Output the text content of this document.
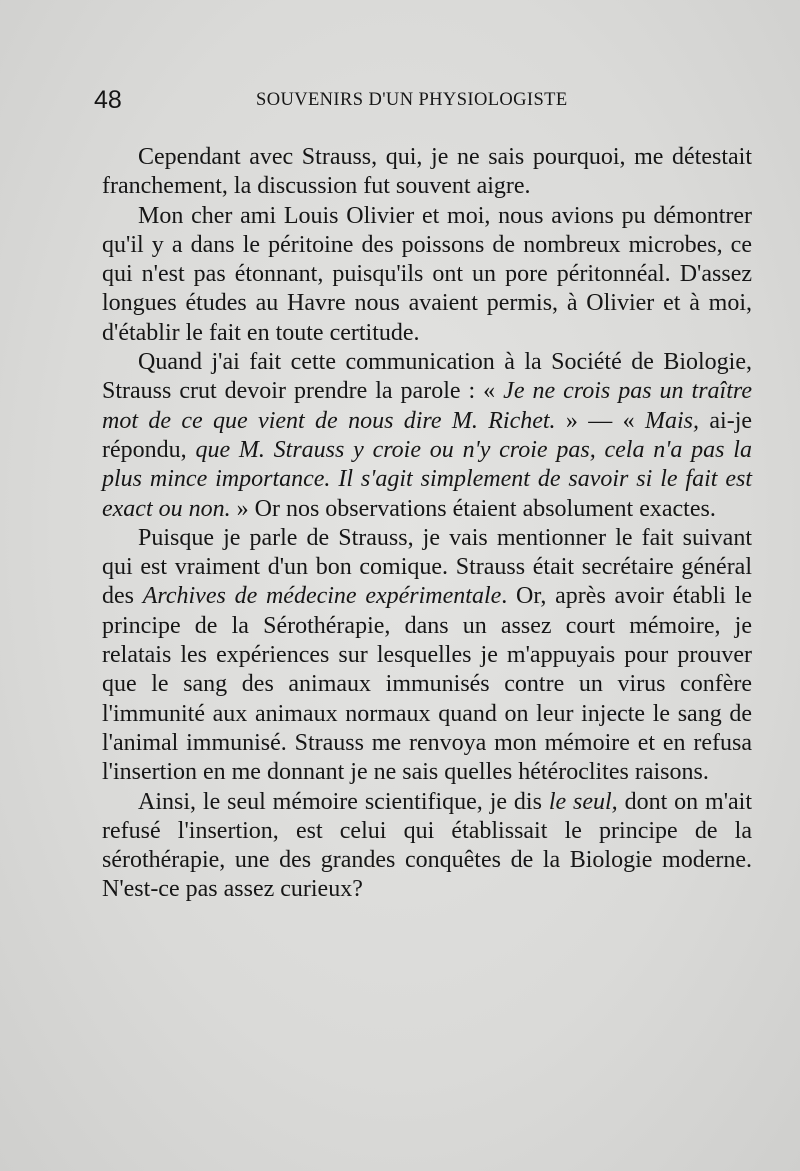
48	SOUVENIRS D'UN PHYSIOLOGISTE

Cependant avec Strauss, qui, je ne sais pourquoi, me détestait franchement, la discussion fut souvent aigre.

Mon cher ami Louis Olivier et moi, nous avions pu démontrer qu'il y a dans le péritoine des poissons de nombreux microbes, ce qui n'est pas étonnant, puisqu'ils ont un pore péritonnéal. D'assez longues études au Havre nous avaient permis, à Olivier et à moi, d'établir le fait en toute certitude.

Quand j'ai fait cette communication à la Société de Biologie, Strauss crut devoir prendre la parole : « Je ne crois pas un traître mot de ce que vient de nous dire M. Richet. » — « Mais, ai-je répondu, que M. Strauss y croie ou n'y croie pas, cela n'a pas la plus mince importance. Il s'agit simplement de savoir si le fait est exact ou non. » Or nos observations étaient absolument exactes.

Puisque je parle de Strauss, je vais mentionner le fait suivant qui est vraiment d'un bon comique. Strauss était secrétaire général des Archives de médecine expérimentale. Or, après avoir établi le principe de la Sérothérapie, dans un assez court mémoire, je relatais les expériences sur lesquelles je m'appuyais pour prouver que le sang des animaux immunisés contre un virus confère l'immunité aux animaux normaux quand on leur injecte le sang de l'animal immunisé. Strauss me renvoya mon mémoire et en refusa l'insertion en me donnant je ne sais quelles hétéroclites raisons.

Ainsi, le seul mémoire scientifique, je dis le seul, dont on m'ait refusé l'insertion, est celui qui établissait le principe de la sérothérapie, une des grandes conquêtes de la Biologie moderne. N'est-ce pas assez curieux?
